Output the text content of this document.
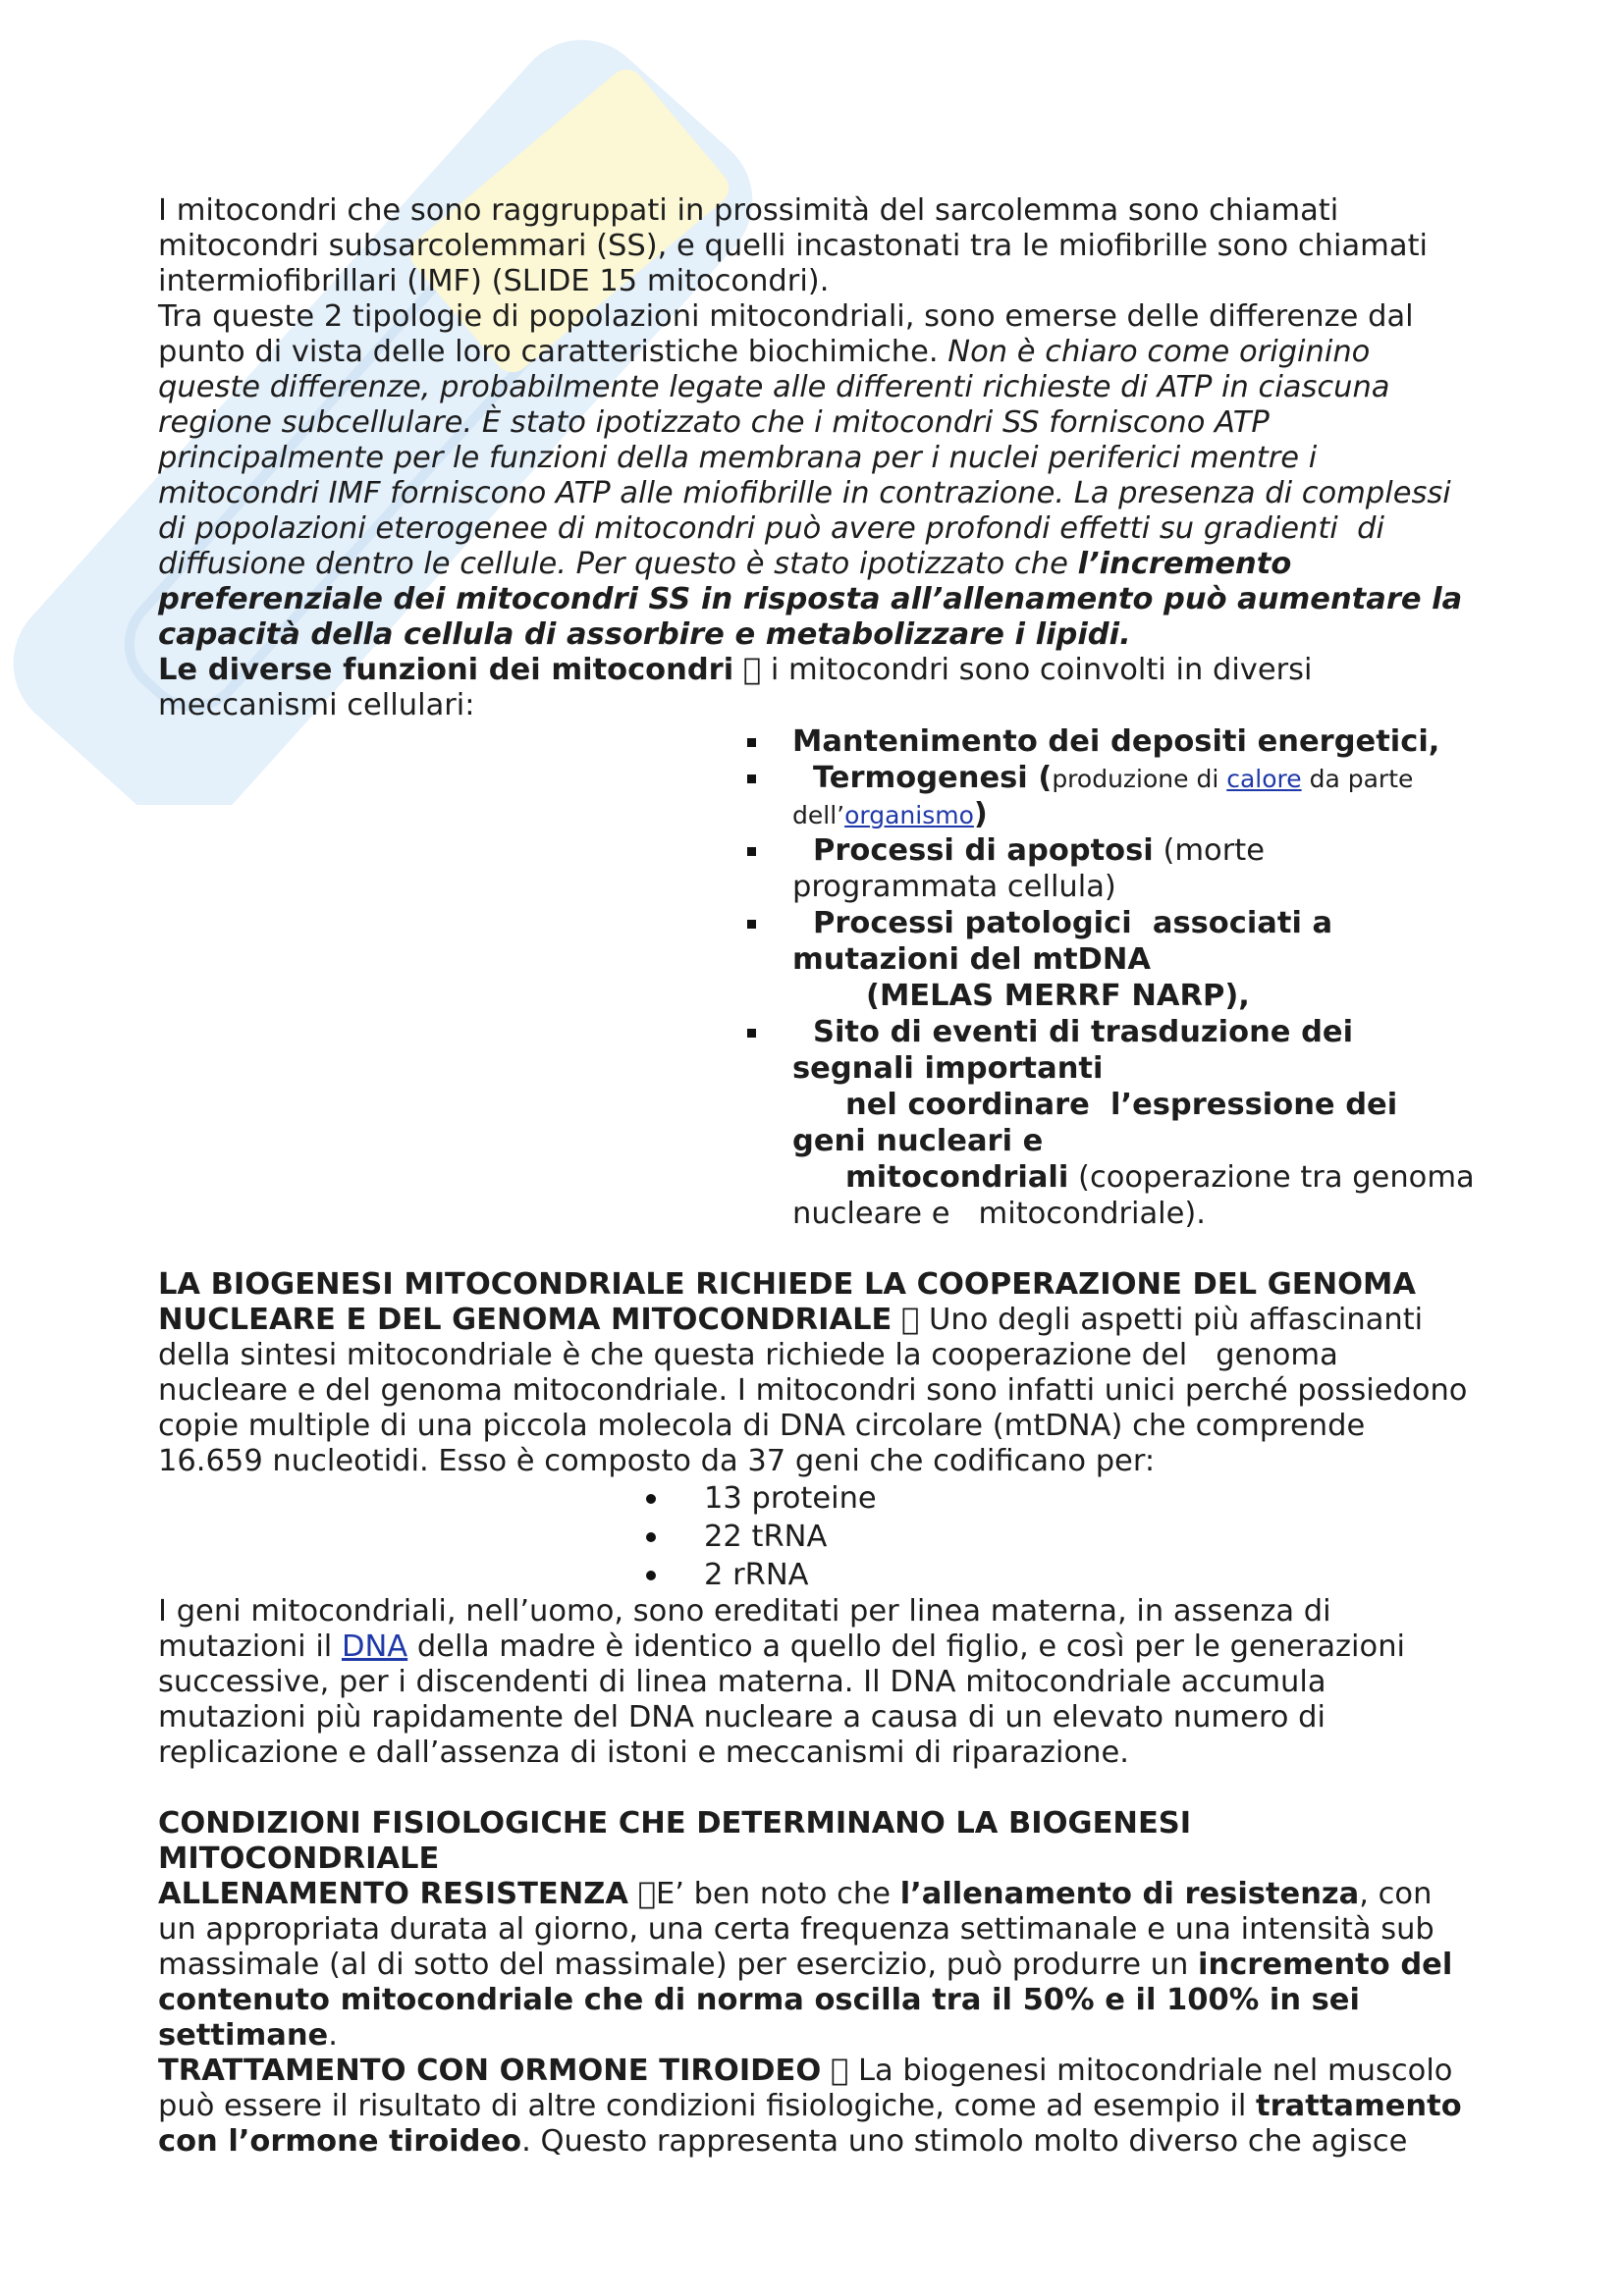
I mitocondri che sono raggruppati in prossimità del sarcolemma sono chiamati
mitocondri subsarcolemmari (SS), e quelli incastonati tra le miofibrille sono chiamati
intermiofibrillari (IMF) (SLIDE 15 mitocondri).
Tra queste 2 tipologie di popolazioni mitocondriali, sono emerse delle differenze dal
punto di vista delle loro caratteristiche biochimiche. Non è chiaro come originino
queste differenze, probabilmente legate alle differenti richieste di ATP in ciascuna
regione subcellulare. È stato ipotizzato che i mitocondri SS forniscono ATP
principalmente per le funzioni della membrana per i nuclei periferici mentre i
mitocondri IMF forniscono ATP alle miofibrille in contrazione. La presenza di complessi
di popolazioni eterogenee di mitocondri può avere profondi effetti su gradienti  di
diffusione dentro le cellule. Per questo è stato ipotizzato che l’incremento
preferenziale dei mitocondri SS in risposta all’allenamento può aumentare la
capacità della cellula di assorbire e metabolizzare i lipidi.
Le diverse funzioni dei mitocondri   i mitocondri sono coinvolti in diversi
meccanismi cellulari:
Mantenimento dei depositi energetici,
Termogenesi (produzione di calore da parte
dell’organismo)
Processi di apoptosi (morte
programmata cellula)
Processi patologici  associati a
mutazioni del mtDNA
(MELAS MERRF NARP),
Sito di eventi di trasduzione dei
segnali importanti
nel coordinare  l’espressione dei
geni nucleari e
mitocondriali (cooperazione tra genoma
nucleare e   mitocondriale).
LA BIOGENESI MITOCONDRIALE RICHIEDE LA COOPERAZIONE DEL GENOMA
NUCLEARE E DEL GENOMA MITOCONDRIALE   Uno degli aspetti più affascinanti
della sintesi mitocondriale è che questa richiede la cooperazione del   genoma
nucleare e del genoma mitocondriale. I mitocondri sono infatti unici perché possiedono
copie multiple di una piccola molecola di DNA circolare (mtDNA) che comprende
16.659 nucleotidi. Esso è composto da 37 geni che codificano per:
13 proteine
22 tRNA
2 rRNA
I geni mitocondriali, nell’uomo, sono ereditati per linea materna, in assenza di
mutazioni il DNA della madre è identico a quello del figlio, e così per le generazioni
successive, per i discendenti di linea materna. Il DNA mitocondriale accumula
mutazioni più rapidamente del DNA nucleare a causa di un elevato numero di
replicazione e dall’assenza di istoni e meccanismi di riparazione.
CONDIZIONI FISIOLOGICHE CHE DETERMINANO LA BIOGENESI
MITOCONDRIALE
ALLENAMENTO RESISTENZA  E’ ben noto che l’allenamento di resistenza, con
un appropriata durata al giorno, una certa frequenza settimanale e una intensità sub
massimale (al di sotto del massimale) per esercizio, può produrre un incremento del
contenuto mitocondriale che di norma oscilla tra il 50% e il 100% in sei
settimane.
TRATTAMENTO CON ORMONE TIROIDEO   La biogenesi mitocondriale nel muscolo
può essere il risultato di altre condizioni fisiologiche, come ad esempio il trattamento
con l’ormone tiroideo. Questo rappresenta uno stimolo molto diverso che agisce
